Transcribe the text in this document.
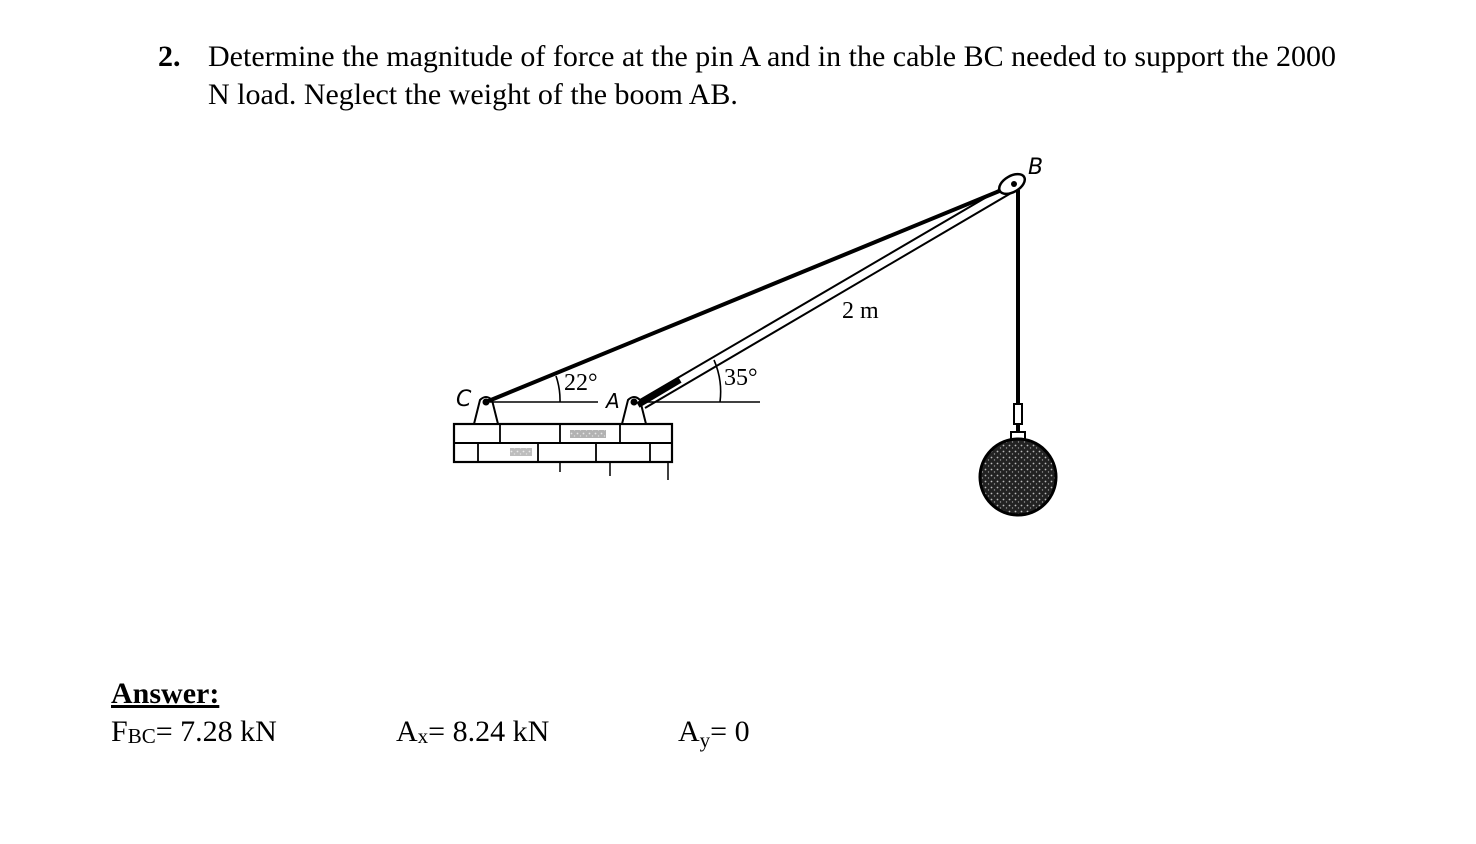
2. Determine the magnitude of force at the pin A and in the cable BC needed to support the 2000 N load. Neglect the weight of the boom AB.
B
C	A
22°	35°
2 m
Answer:
FBC= 7.28 kN	Ax= 8.24 kN	$A_y= 0$
